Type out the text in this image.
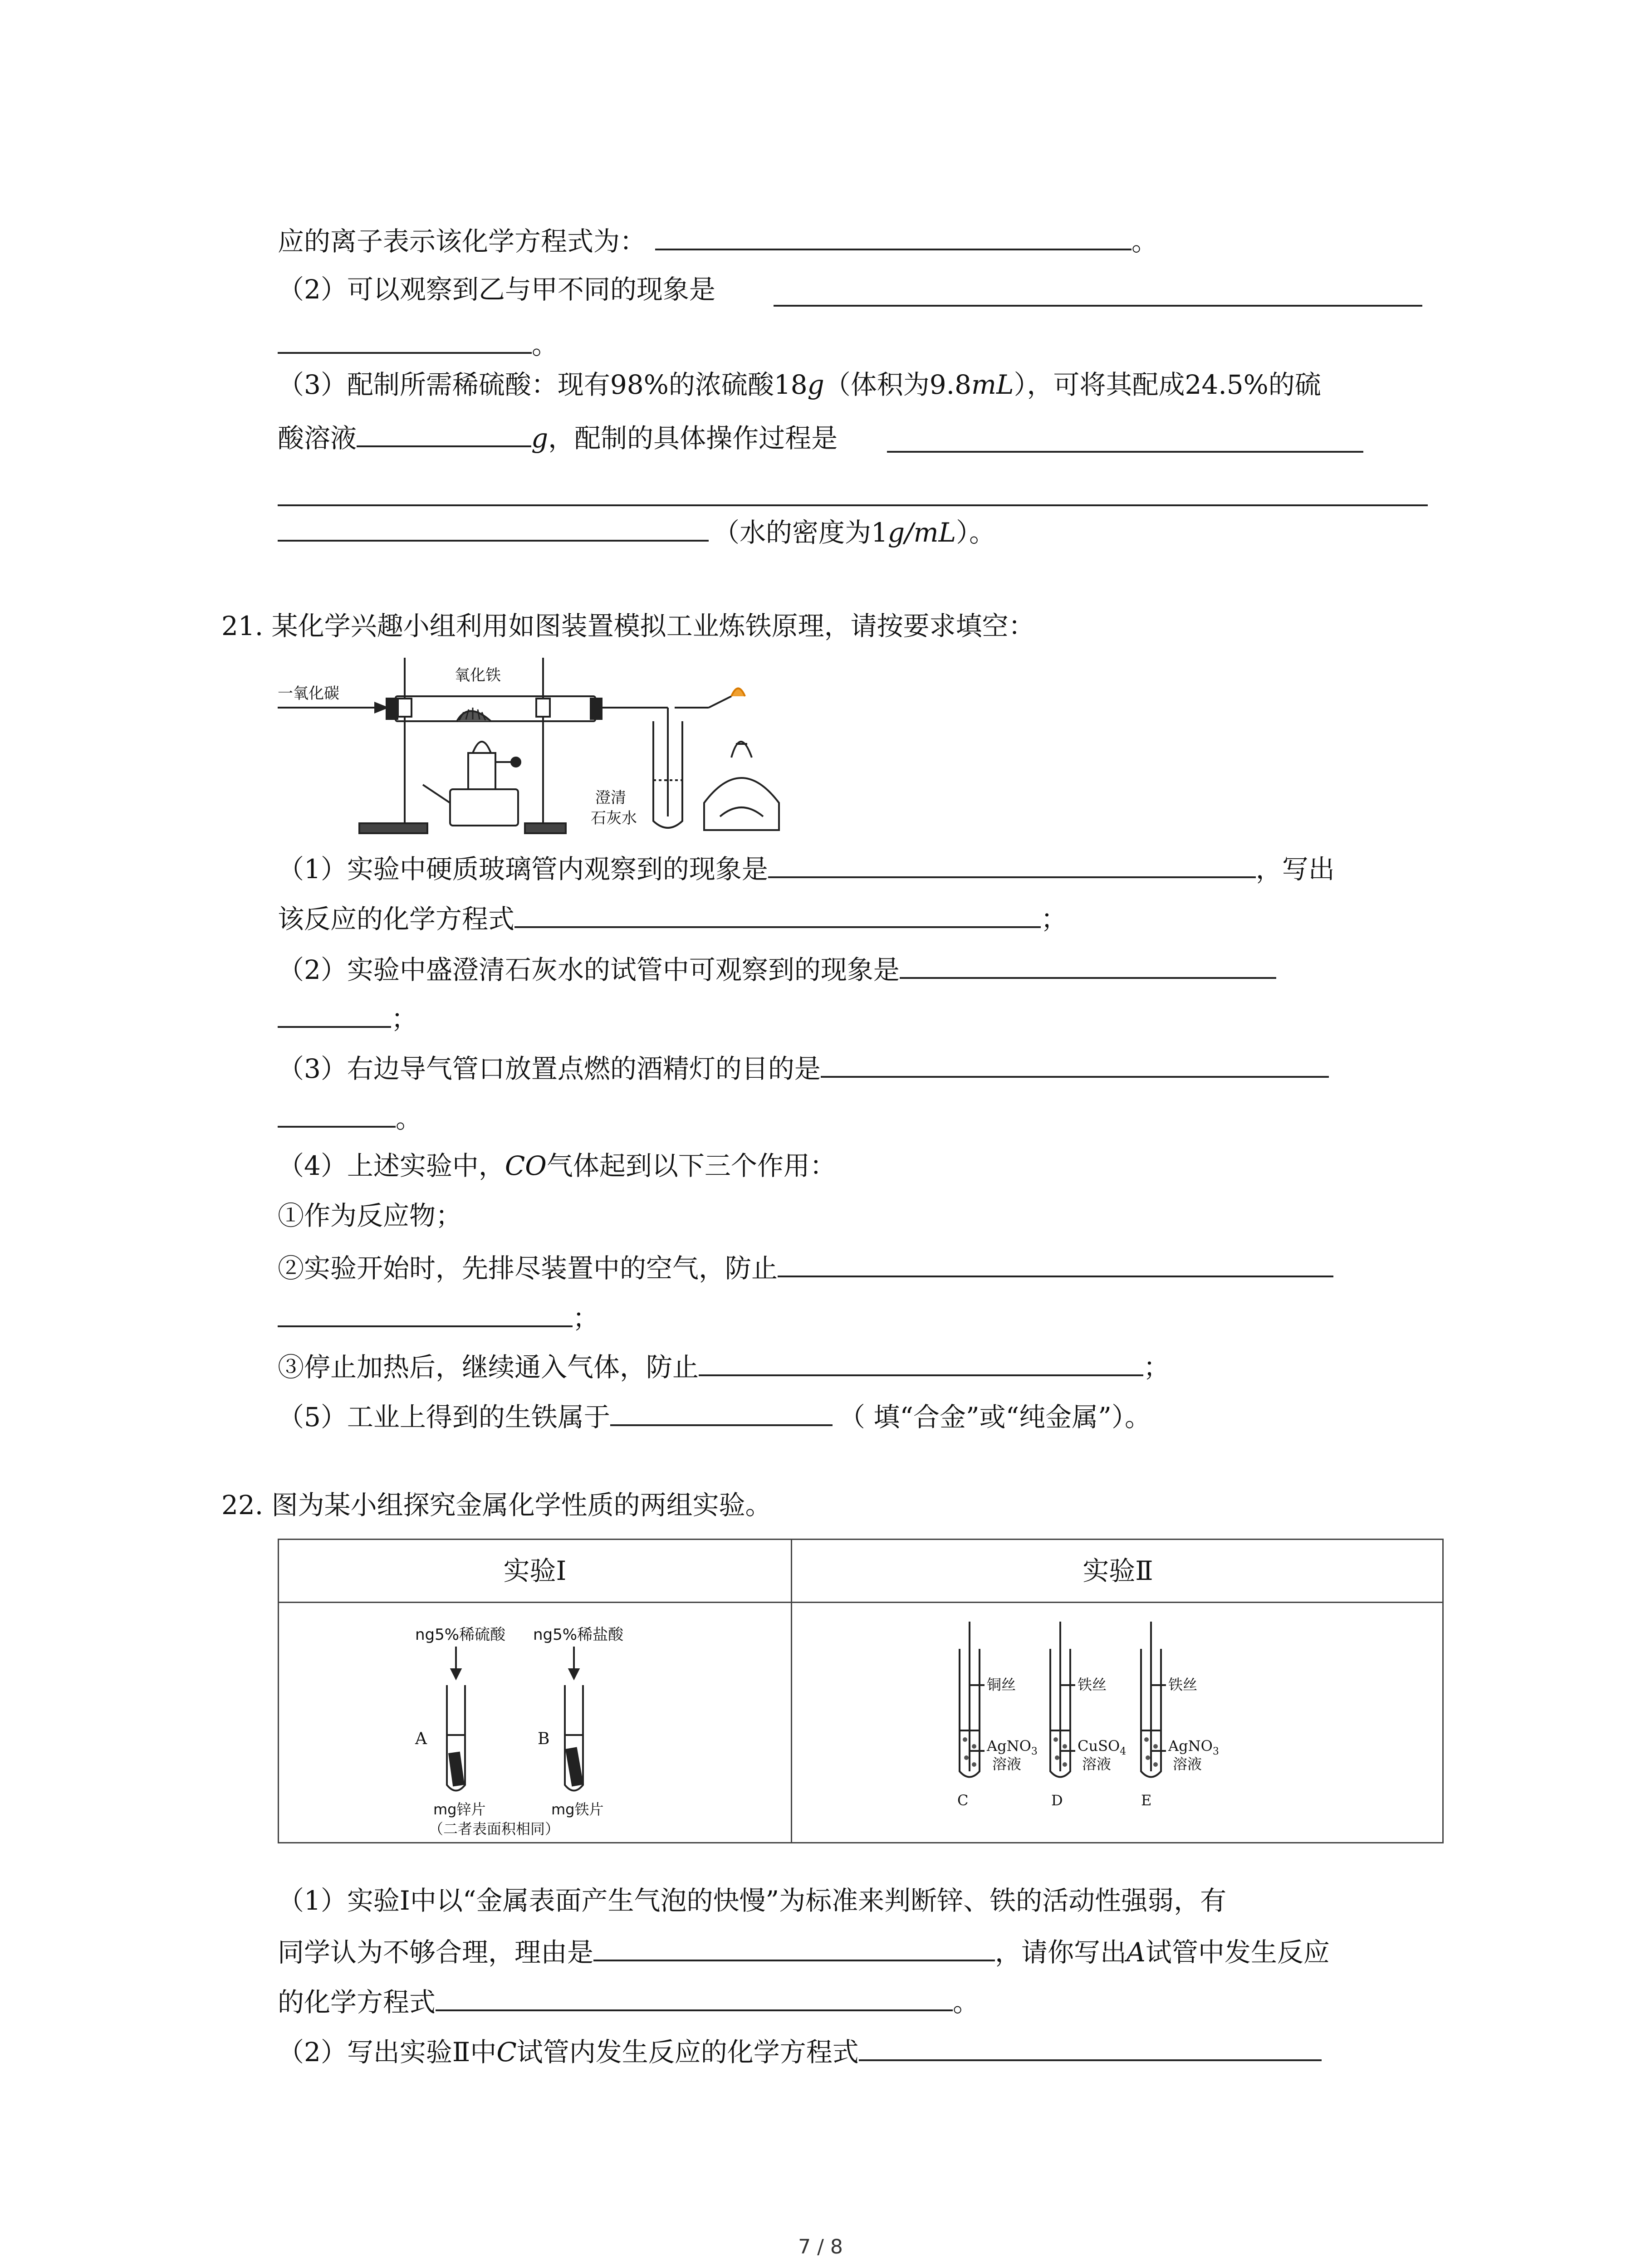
应的离子表示该化学方程式为：	。
（2）可以观察到乙与甲不同的现象是
。
（3）配制所需稀硫酸：现有98%的浓硫酸18g（体积为9.8mL），可将其配成24.5%的硫
酸溶液	g，配制的具体操作过程是
（水的密度为1g/mL）。
21. 某化学兴趣小组利用如图装置模拟工业炼铁原理，请按要求填空：
一氧化碳
氧化铁
澄清
石灰水
（1）实验中硬质玻璃管内观察到的现象是	，写出
该反应的化学方程式	；
（2）实验中盛澄清石灰水的试管中可观察到的现象是
；
（3）右边导气管口放置点燃的酒精灯的目的是
。
（4）上述实验中，CO气体起到以下三个作用：
①作为反应物；
②实验开始时，先排尽装置中的空气，防止
；
③停止加热后，继续通入气体，防止	；
（5）工业上得到的生铁属于	（ 填“合金”或“纯金属”）。
22. 图为某小组探究金属化学性质的两组实验。
实验Ⅰ	实验Ⅱ
ng5%稀硫酸 ng5%稀盐酸
A	B
mg锌片	mg铁片
（二者表面积相同）
铜丝	铁丝	铁丝
AgNO$_3$
溶液
CuSO$_4$
溶液
AgNO$_3$
溶液
C	D	E
（1）实验Ⅰ中以“金属表面产生气泡的快慢”为标准来判断锌、铁的活动性强弱，有
同学认为不够合理，理由是	，请你写出A试管中发生反应
的化学方程式	。
（2）写出实验Ⅱ中C试管内发生反应的化学方程式
7 / 8
